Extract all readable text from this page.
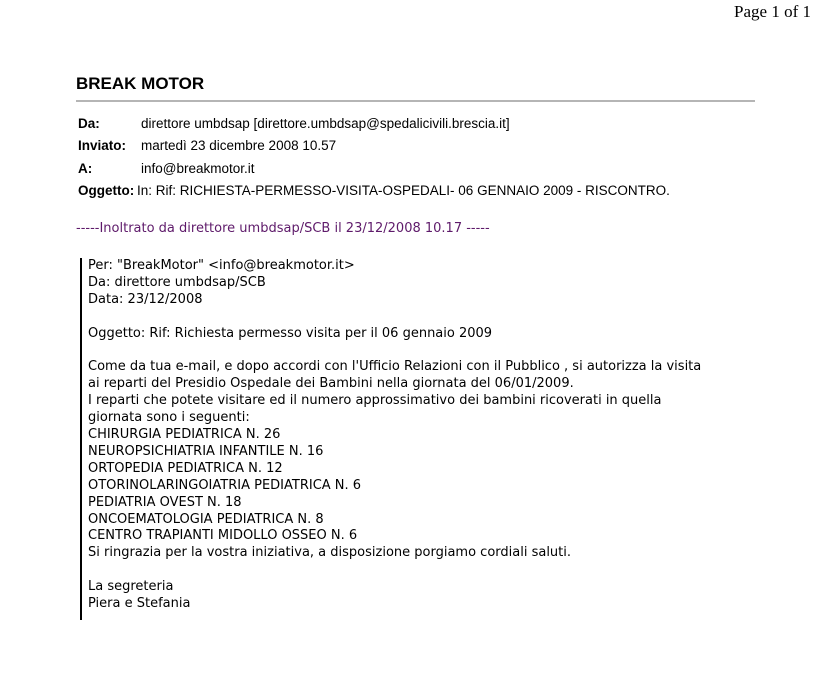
Page 1 of 1
BREAK MOTOR
Da:	direttore umbdsap [direttore.umbdsap@spedalicivili.brescia.it]
Inviato:	martedì 23 dicembre 2008 10.57
A:	info@breakmotor.it
Oggetto: In: Rif: RICHIESTA-PERMESSO-VISITA-OSPEDALI- 06 GENNAIO 2009 - RISCONTRO.
-----Inoltrato da direttore umbdsap/SCB il 23/12/2008 10.17 -----

Per: "BreakMotor" <info@breakmotor.it>

Da: direttore umbdsap/SCB

Data: 23/12/2008

Oggetto: Rif: Richiesta permesso visita per il 06 gennaio 2009

Come da tua e-mail, e dopo accordi con l'Ufficio Relazioni con il Pubblico , si autorizza la visita

ai reparti del Presidio Ospedale dei Bambini nella giornata del 06/01/2009.

I reparti che potete visitare ed il numero approssimativo dei bambini ricoverati in quella

giornata sono i seguenti:

CHIRURGIA PEDIATRICA N. 26

NEUROPSICHIATRIA INFANTILE N. 16

ORTOPEDIA PEDIATRICA N. 12

OTORINOLARINGOIATRIA PEDIATRICA N. 6

PEDIATRIA OVEST N. 18

ONCOEMATOLOGIA PEDIATRICA N. 8

CENTRO TRAPIANTI MIDOLLO OSSEO N. 6

Si ringrazia per la vostra iniziativa, a disposizione porgiamo cordiali saluti.

La segreteria

Piera e Stefania
